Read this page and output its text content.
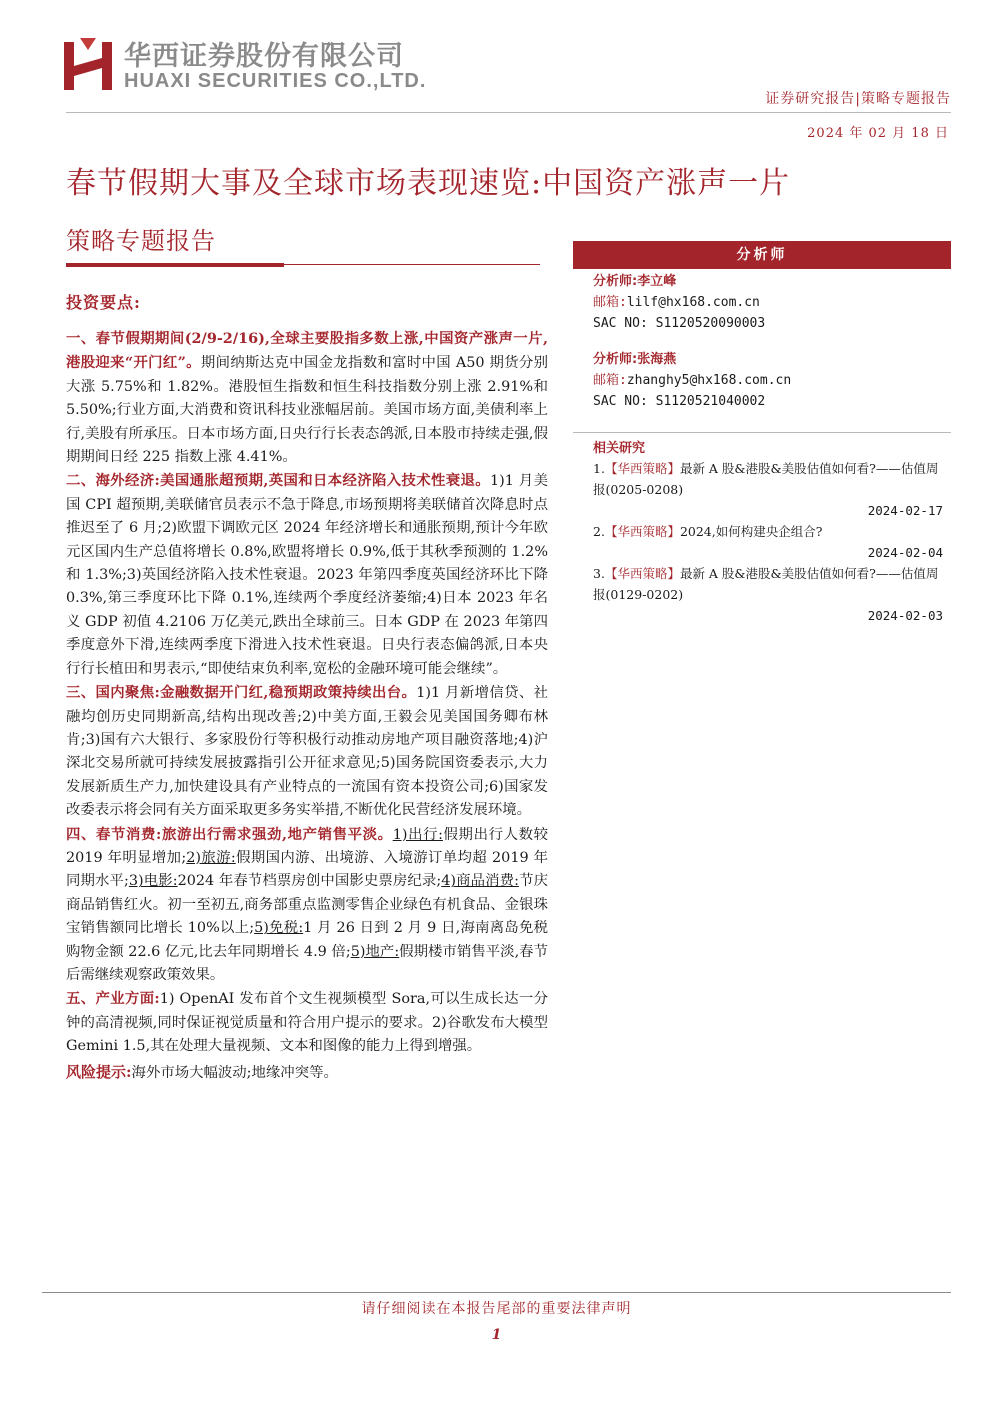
华西证券股份有限公司
HUAXI SECURITIES CO.,LTD.
证券研究报告|策略专题报告
2024 年 02 月 18 日
春节假期大事及全球市场表现速览:中国资产涨声一片
策略专题报告
投资要点:

一、春节假期期间(2/9-2/16),全球主要股指多数上涨,中国资产涨声一片,港股迎来“开门红”。期间纳斯达克中国金龙指数和富时中国 A50 期货分别大涨 5.75%和 1.82%。港股恒生指数和恒生科技指数分别上涨 2.91%和 5.50%;行业方面,大消费和资讯科技业涨幅居前。美国市场方面,美债利率上行,美股有所承压。日本市场方面,日央行行长表态鸽派,日本股市持续走强,假期期间日经 225 指数上涨 4.41%。

二、海外经济:美国通胀超预期,英国和日本经济陷入技术性衰退。1)1 月美国 CPI 超预期,美联储官员表示不急于降息,市场预期将美联储首次降息时点推迟至了 6 月;2)欧盟下调欧元区 2024 年经济增长和通胀预期,预计今年欧元区国内生产总值将增长 0.8%,欧盟将增长 0.9%,低于其秋季预测的 1.2%和 1.3%;3)英国经济陷入技术性衰退。2023 年第四季度英国经济环比下降 0.3%,第三季度环比下降 0.1%,连续两个季度经济萎缩;4)日本 2023 年名义 GDP 初值 4.2106 万亿美元,跌出全球前三。日本 GDP 在 2023 年第四季度意外下滑,连续两季度下滑进入技术性衰退。日央行表态偏鸽派,日本央行行长植田和男表示,“即使结束负利率,宽松的金融环境可能会继续”。

三、国内聚焦:金融数据开门红,稳预期政策持续出台。1)1 月新增信贷、社融均创历史同期新高,结构出现改善;2)中美方面,王毅会见美国国务卿布林肯;3)国有六大银行、多家股份行等积极行动推动房地产项目融资落地;4)沪深北交易所就可持续发展披露指引公开征求意见;5)国务院国资委表示,大力发展新质生产力,加快建设具有产业特点的一流国有资本投资公司;6)国家发改委表示将会同有关方面采取更多务实举措,不断优化民营经济发展环境。

四、春节消费:旅游出行需求强劲,地产销售平淡。1)出行:假期出行人数较 2019 年明显增加;2)旅游:假期国内游、出境游、入境游订单均超 2019 年同期水平;3)电影:2024 年春节档票房创中国影史票房纪录;4)商品消费:节庆商品销售红火。初一至初五,商务部重点监测零售企业绿色有机食品、金银珠宝销售额同比增长 10%以上;5)免税:1 月 26 日到 2 月 9 日,海南离岛免税购物金额 22.6 亿元,比去年同期增长 4.9 倍;5)地产:假期楼市销售平淡,春节后需继续观察政策效果。

五、产业方面:1) OpenAI 发布首个文生视频模型 Sora,可以生成长达一分钟的高清视频,同时保证视觉质量和符合用户提示的要求。2)谷歌发布大模型 Gemini 1.5,其在处理大量视频、文本和图像的能力上得到增强。

风险提示:海外市场大幅波动;地缘冲突等。

分析师
分析师:李立峰
邮箱:lilf@hx168.com.cn
SAC NO: S1120520090003
分析师:张海燕
邮箱:zhanghy5@hx168.com.cn
SAC NO: S1120521040002
相关研究
1.【华西策略】最新 A 股&港股&美股估值如何看?——估值周报(0205-0208)
2024-02-17
2.【华西策略】2024,如何构建央企组合?
2024-02-04
3.【华西策略】最新 A 股&港股&美股估值如何看?——估值周报(0129-0202)
2024-02-03
请仔细阅读在本报告尾部的重要法律声明
1
